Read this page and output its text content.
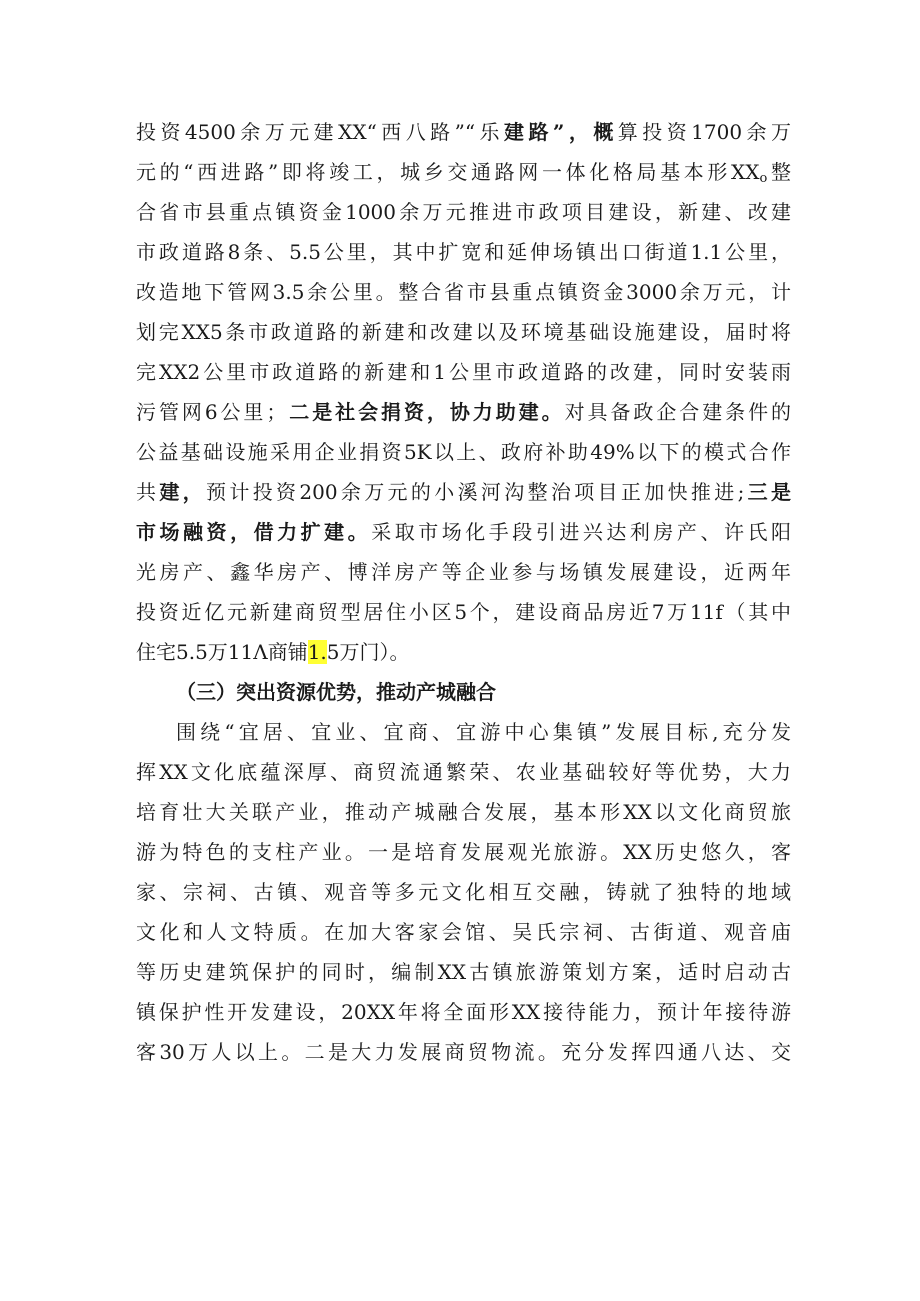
投资4500余万元建XX“西八路”“乐建路”，概算投资1700余万
元的“西进路”即将竣工，城乡交通路网一体化格局基本形$XX_o$整
合省市县重点镇资金1000余万元推进市政项目建设，新建、改建
市政道路8条、5.5公里，其中扩宽和延伸场镇出口街道1.1公里，
改造地下管网3.5余公里。整合省市县重点镇资金3000余万元，计
划完XX5条市政道路的新建和改建以及环境基础设施建设，届时将
完XX2公里市政道路的新建和1公里市政道路的改建，同时安装雨
污管网6公里；二是社会捐资，协力助建。对具备政企合建条件的
公益基础设施采用企业捐资5K以上、政府补助49%以下的模式合作
共建，预计投资200余万元的小溪河沟整治项目正加快推进;三是
市场融资，借力扩建。采取市场化手段引进兴达利房产、许氏阳
光房产、鑫华房产、博洋房产等企业参与场镇发展建设，近两年
投资近亿元新建商贸型居住小区5个，建设商品房近7万11f（其中
住宅5.5万11Λ商铺1.5万门）。
（三）突出资源优势，推动产城融合
围绕“宜居、宜业、宜商、宜游中心集镇”发展目标,充分发
挥XX文化底蕴深厚、商贸流通繁荣、农业基础较好等优势，大力
培育壮大关联产业，推动产城融合发展，基本形XX以文化商贸旅
游为特色的支柱产业。一是培育发展观光旅游。XX历史悠久，客
家、宗祠、古镇、观音等多元文化相互交融，铸就了独特的地域
文化和人文特质。在加大客家会馆、吴氏宗祠、古街道、观音庙
等历史建筑保护的同时，编制XX古镇旅游策划方案，适时启动古
镇保护性开发建设，20XX年将全面形XX接待能力，预计年接待游
客30万人以上。二是大力发展商贸物流。充分发挥四通八达、交
